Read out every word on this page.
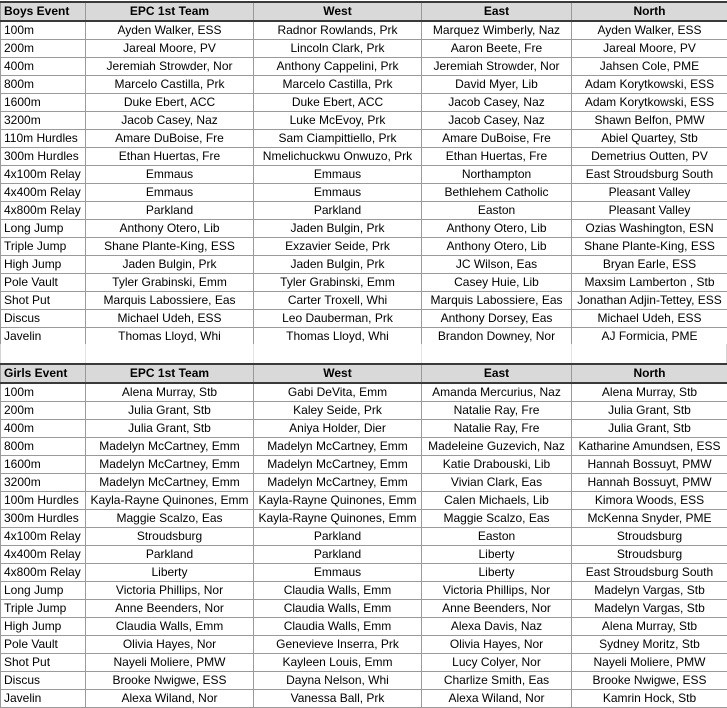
Boys Event	EPC 1st Team	West	East	North
100m	Ayden Walker, ESS	Radnor Rowlands, Prk	Marquez Wimberly, Naz	Ayden Walker, ESS
200m	Jareal Moore, PV	Lincoln Clark, Prk	Aaron Beete, Fre	Jareal Moore, PV
400m	Jeremiah Strowder, Nor	Anthony Cappelini, Prk	Jeremiah Strowder, Nor	Jahsen Cole, PME
800m	Marcelo Castilla, Prk	Marcelo Castilla, Prk	David Myer, Lib	Adam Korytkowski, ESS
1600m	Duke Ebert, ACC	Duke Ebert, ACC	Jacob Casey, Naz	Adam Korytkowski, ESS
3200m	Jacob Casey, Naz	Luke McEvoy, Prk	Jacob Casey, Naz	Shawn Belfon, PMW
110m Hurdles	Amare DuBoise, Fre	Sam Ciampittiello, Prk	Amare DuBoise, Fre	Abiel Quartey, Stb
300m Hurdles	Ethan Huertas, Fre	Nmelichuckwu Onwuzo, Prk	Ethan Huertas, Fre	Demetrius Outten, PV
4x100m Relay	Emmaus	Emmaus	Northampton	East Stroudsburg South
4x400m Relay	Emmaus	Emmaus	Bethlehem Catholic	Pleasant Valley
4x800m Relay	Parkland	Parkland	Easton	Pleasant Valley
Long Jump	Anthony Otero, Lib	Jaden Bulgin, Prk	Anthony Otero, Lib	Ozias Washington, ESN
Triple Jump	Shane Plante-King, ESS	Exzavier Seide, Prk	Anthony Otero, Lib	Shane Plante-King, ESS
High Jump	Jaden Bulgin, Prk	Jaden Bulgin, Prk	JC Wilson, Eas	Bryan Earle, ESS
Pole Vault	Tyler Grabinski, Emm	Tyler Grabinski, Emm	Casey Huie, Lib	Maxsim Lamberton , Stb
Shot Put	Marquis Labossiere, Eas	Carter Troxell, Whi	Marquis Labossiere, Eas	Jonathan Adjin-Tettey, ESS
Discus	Michael Udeh, ESS	Leo Dauberman, Prk	Anthony Dorsey, Eas	Michael Udeh, ESS
Javelin	Thomas Lloyd, Whi	Thomas Lloyd, Whi	Brandon Downey, Nor	AJ Formicia, PME
Girls Event	EPC 1st Team	West	East	North
100m	Alena Murray, Stb	Gabi DeVita, Emm	Amanda Mercurius, Naz	Alena Murray, Stb
200m	Julia Grant, Stb	Kaley Seide, Prk	Natalie Ray, Fre	Julia Grant, Stb
400m	Julia Grant, Stb	Aniya Holder, Dier	Natalie Ray, Fre	Julia Grant, Stb
800m	Madelyn McCartney, Emm	Madelyn McCartney, Emm	Madeleine Guzevich, Naz	Katharine Amundsen, ESS
1600m	Madelyn McCartney, Emm	Madelyn McCartney, Emm	Katie Drabouski, Lib	Hannah Bossuyt, PMW
3200m	Madelyn McCartney, Emm	Madelyn McCartney, Emm	Vivian Clark, Eas	Hannah Bossuyt, PMW
100m Hurdles	Kayla-Rayne Quinones, Emm	Kayla-Rayne Quinones, Emm	Calen Michaels, Lib	Kimora Woods, ESS
300m Hurdles	Maggie Scalzo, Eas	Kayla-Rayne Quinones, Emm	Maggie Scalzo, Eas	McKenna Snyder, PME
4x100m Relay	Stroudsburg	Parkland	Easton	Stroudsburg
4x400m Relay	Parkland	Parkland	Liberty	Stroudsburg
4x800m Relay	Liberty	Emmaus	Liberty	East Stroudsburg South
Long Jump	Victoria Phillips, Nor	Claudia Walls, Emm	Victoria Phillips, Nor	Madelyn Vargas, Stb
Triple Jump	Anne Beenders, Nor	Claudia Walls, Emm	Anne Beenders, Nor	Madelyn Vargas, Stb
High Jump	Claudia Walls, Emm	Claudia Walls, Emm	Alexa Davis, Naz	Alena Murray, Stb
Pole Vault	Olivia Hayes, Nor	Genevieve Inserra, Prk	Olivia Hayes, Nor	Sydney Moritz, Stb
Shot Put	Nayeli Moliere, PMW	Kayleen Louis, Emm	Lucy Colyer, Nor	Nayeli Moliere, PMW
Discus	Brooke Nwigwe, ESS	Dayna Nelson, Whi	Charlize Smith, Eas	Brooke Nwigwe, ESS
Javelin	Alexa Wiland, Nor	Vanessa Ball, Prk	Alexa Wiland, Nor	Kamrin Hock, Stb
